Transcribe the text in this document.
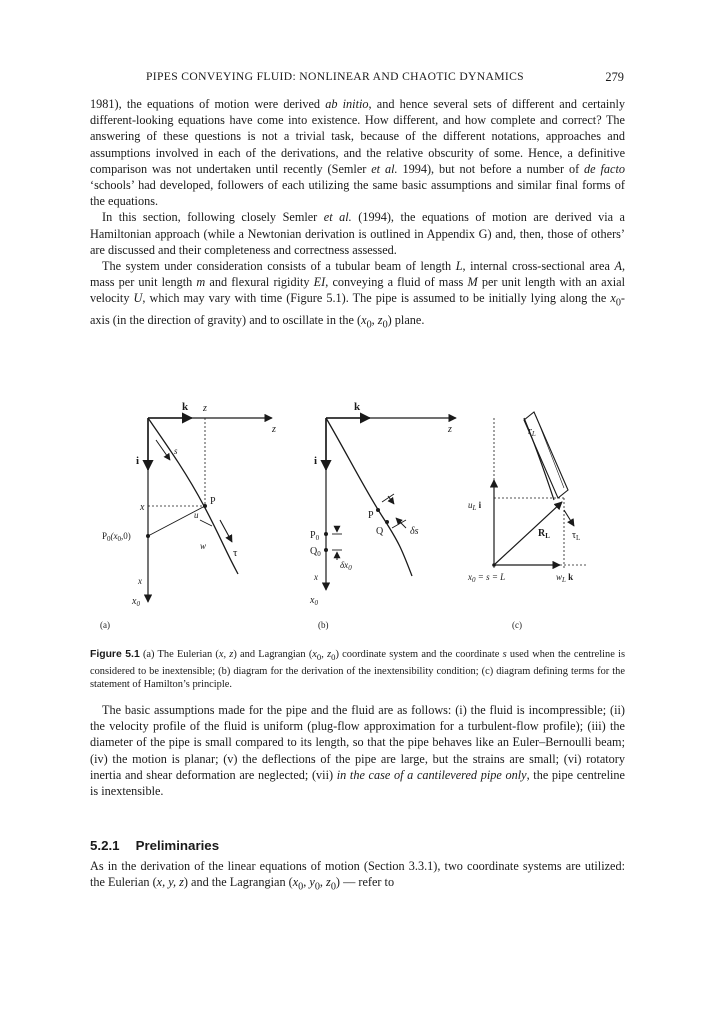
PIPES CONVEYING FLUID: NONLINEAR AND CHAOTIC DYNAMICS	279

1981), the equations of motion were derived ab initio, and hence several sets of different and certainly different-looking equations have come into existence. How different, and how complete and correct? The answering of these questions is not a trivial task, because of the different notations, approaches and assumptions involved in each of the derivations, and the relative obscurity of some. Hence, a definitive comparison was not undertaken until recently (Semler et al. 1994), but not before a number of de facto ‘schools’ had developed, followers of each utilizing the same basic assumptions and similar final forms of the equations.

In this section, following closely Semler et al. (1994), the equations of motion are derived via a Hamiltonian approach (while a Newtonian derivation is outlined in Appendix G) and, then, those of others’ are discussed and their completeness and correctness assessed.

The system under consideration consists of a tubular beam of length L, internal cross-sectional area A, mass per unit length m and flexural rigidity EI, conveying a fluid of mass M per unit length with an axial velocity U, which may vary with time (Figure 5.1). The pipe is assumed to be initially lying along the $x_0$-axis (in the direction of gravity) and to oscillate in the ($x_0$, $z_0$) plane.

k z
z
i
s
x
P
u
w
τ
x
$P_0(x_0,0)$
$x_0$
(a)
k
z
i
P
Q	δs
$P_0$
$Q_0$
$\delta x_0$
x
$x_0$
(b)
$r_L$
$u_L$ i
$\tau_L$
$R_L$
$x_0 = s = L$	$w_L$ k
(c)
Figure 5.1 (a) The Eulerian (x, z) and Lagrangian ($x_0$, $z_0$) coordinate system and the coordinate s used when the centreline is considered to be inextensible; (b) diagram for the derivation of the inextensibility condition; (c) diagram defining terms for the statement of Hamilton’s principle.

The basic assumptions made for the pipe and the fluid are as follows: (i) the fluid is incompressible; (ii) the velocity profile of the fluid is uniform (plug-flow approximation for a turbulent-flow profile); (iii) the diameter of the pipe is small compared to its length, so that the pipe behaves like an Euler–Bernoulli beam; (iv) the motion is planar; (v) the deflections of the pipe are large, but the strains are small; (vi) rotatory inertia and shear deformation are neglected; (vii) in the case of a cantilevered pipe only, the pipe centreline is inextensible.

5.2.1 Preliminaries

As in the derivation of the linear equations of motion (Section 3.3.1), two coordinate systems are utilized: the Eulerian (x, y, z) and the Lagrangian ($x_0$, $y_0$, $z_0$) — refer to
